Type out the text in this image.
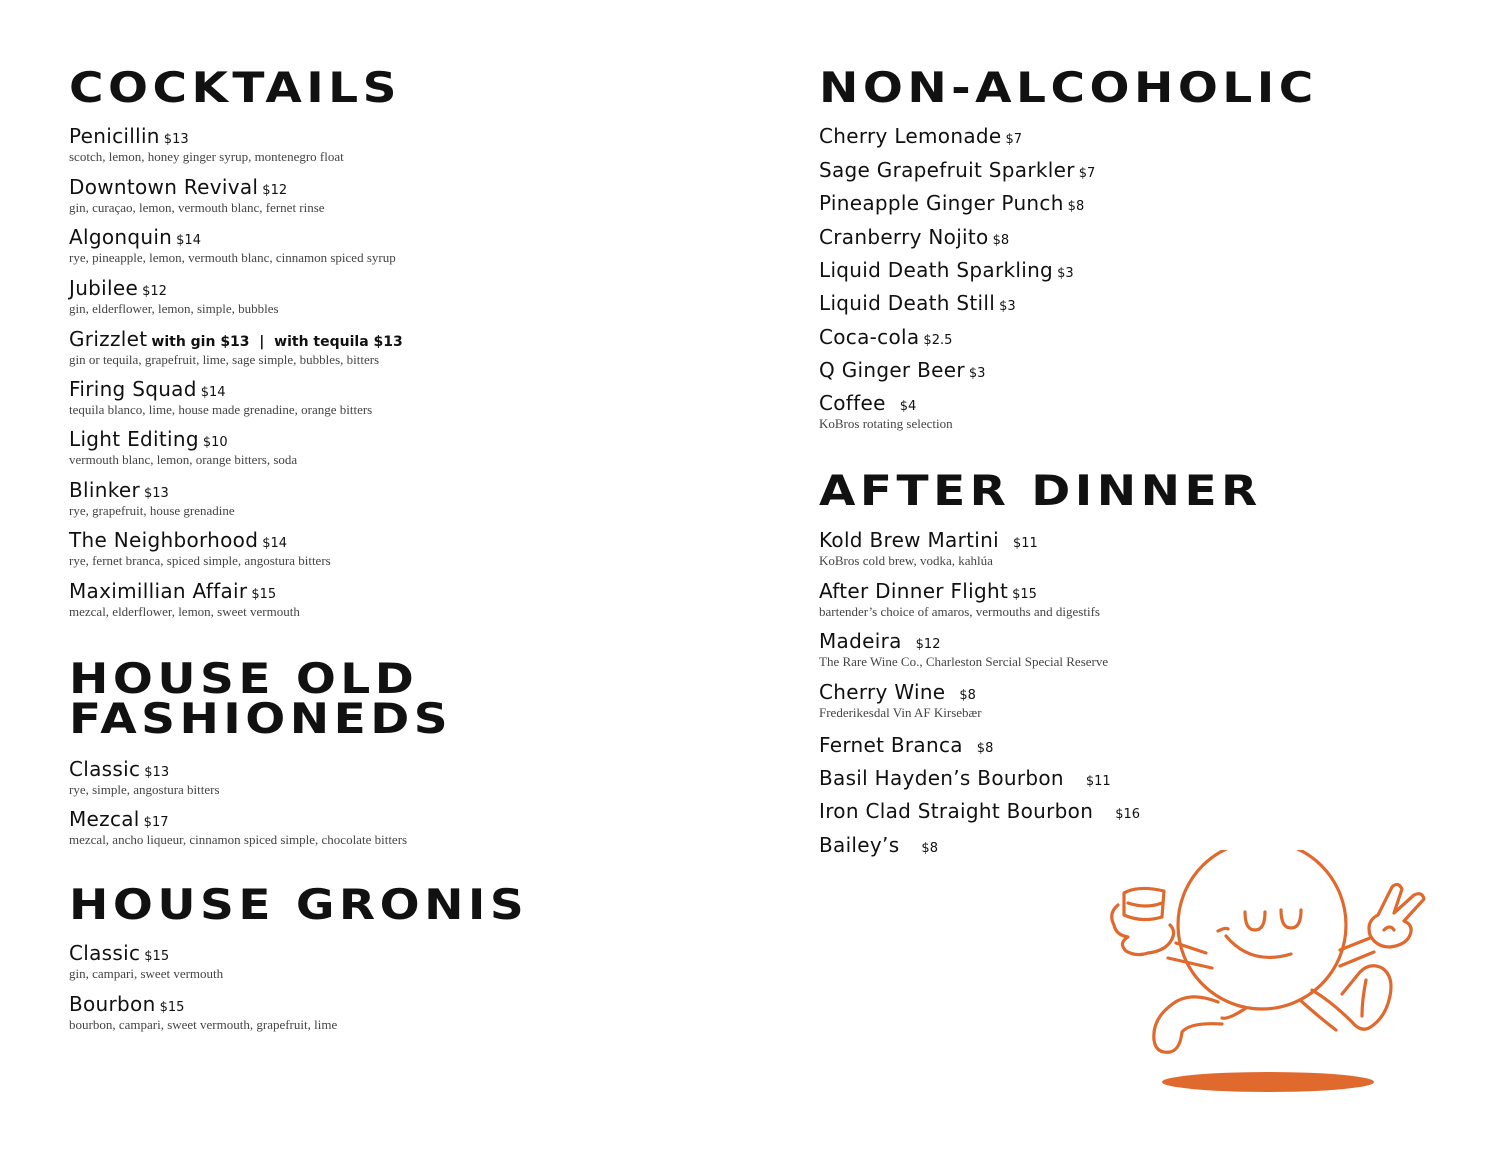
COCKTAILS
Penicillin $13
scotch, lemon, honey ginger syrup, montenegro float
Downtown Revival $12
gin, curaçao, lemon, vermouth blanc, fernet rinse
Algonquin $14
rye, pineapple, lemon, vermouth blanc, cinnamon spiced syrup
Jubilee $12
gin, elderflower, lemon, simple, bubbles
Grizzlet with gin $13  |  with tequila $13
gin or tequila, grapefruit, lime, sage simple, bubbles, bitters
Firing Squad $14
tequila blanco, lime, house made grenadine, orange bitters
Light Editing $10
vermouth blanc, lemon, orange bitters, soda
Blinker $13
rye, grapefruit, house grenadine
The Neighborhood $14
rye, fernet branca, spiced simple, angostura bitters
Maximillian Affair $15
mezcal, elderflower, lemon, sweet vermouth
HOUSE OLD
FASHIONEDS
Classic $13
rye, simple, angostura bitters
Mezcal $17
mezcal, ancho liqueur, cinnamon spiced simple, chocolate bitters
HOUSE GRONIS
Classic $15
gin, campari, sweet vermouth
Bourbon $15
bourbon, campari, sweet vermouth, grapefruit, lime
NON-ALCOHOLIC
Cherry Lemonade $7
Sage Grapefruit Sparkler $7
Pineapple Ginger Punch $8
Cranberry Nojito $8
Liquid Death Sparkling $3
Liquid Death Still $3
Coca-cola $2.5
Q Ginger Beer $3
Coffee $4
KoBros rotating selection
AFTER DINNER
Kold Brew Martini $11
KoBros cold brew, vodka, kahlúa
After Dinner Flight $15
bartender’s choice of amaros, vermouths and digestifs
Madeira $12
The Rare Wine Co., Charleston Sercial Special Reserve
Cherry Wine $8
Frederikesdal Vin AF Kirsebær
Fernet Branca $8
Basil Hayden’s Bourbon $11
Iron Clad Straight Bourbon $16
Bailey’s $8
